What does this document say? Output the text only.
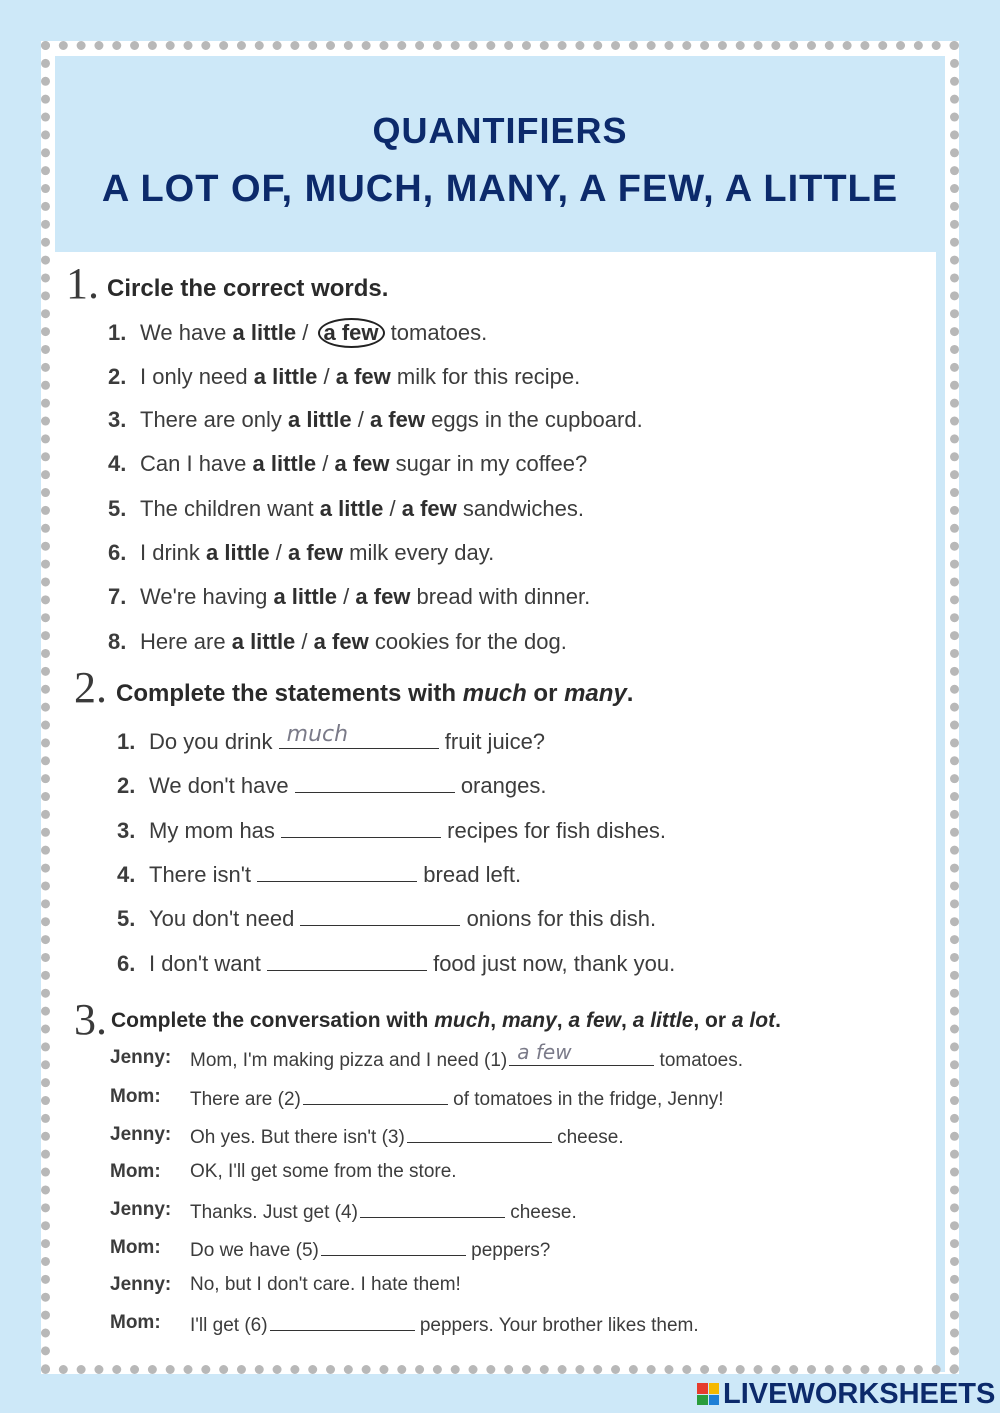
QUANTIFIERS
A LOT OF, MUCH, MANY, A FEW, A LITTLE
1. Circle the correct words.
1. We have a little / a few tomatoes.
2. I only need a little / a few milk for this recipe.
3. There are only a little / a few eggs in the cupboard.
4. Can I have a little / a few sugar in my coffee?
5. The children want a little / a few sandwiches.
6. I drink a little / a few milk every day.
7. We're having a little / a few bread with dinner.
8. Here are a little / a few cookies for the dog.
2. Complete the statements with much or many.
1. Do you drink much	fruit juice?
2. We don't have	oranges.
3. My mom has	recipes for fish dishes.
4. There isn't	bread left.
5. You don't need	onions for this dish.
6. I don't want	food just now, thank you.
3. Complete the conversation with much, many, a few, a little, or a lot.
Jenny: Mom, I'm making pizza and I need (1) a few	tomatoes.
Mom: There are (2)	of tomatoes in the fridge, Jenny!
Jenny: Oh yes. But there isn't (3)	cheese.
Mom: OK, I'll get some from the store.
Jenny: Thanks. Just get (4)	cheese.
Mom: Do we have (5)	peppers?
Jenny: No, but I don't care. I hate them!
Mom: I'll get (6)	peppers. Your brother likes them.
LIVEWORKSHEETS
